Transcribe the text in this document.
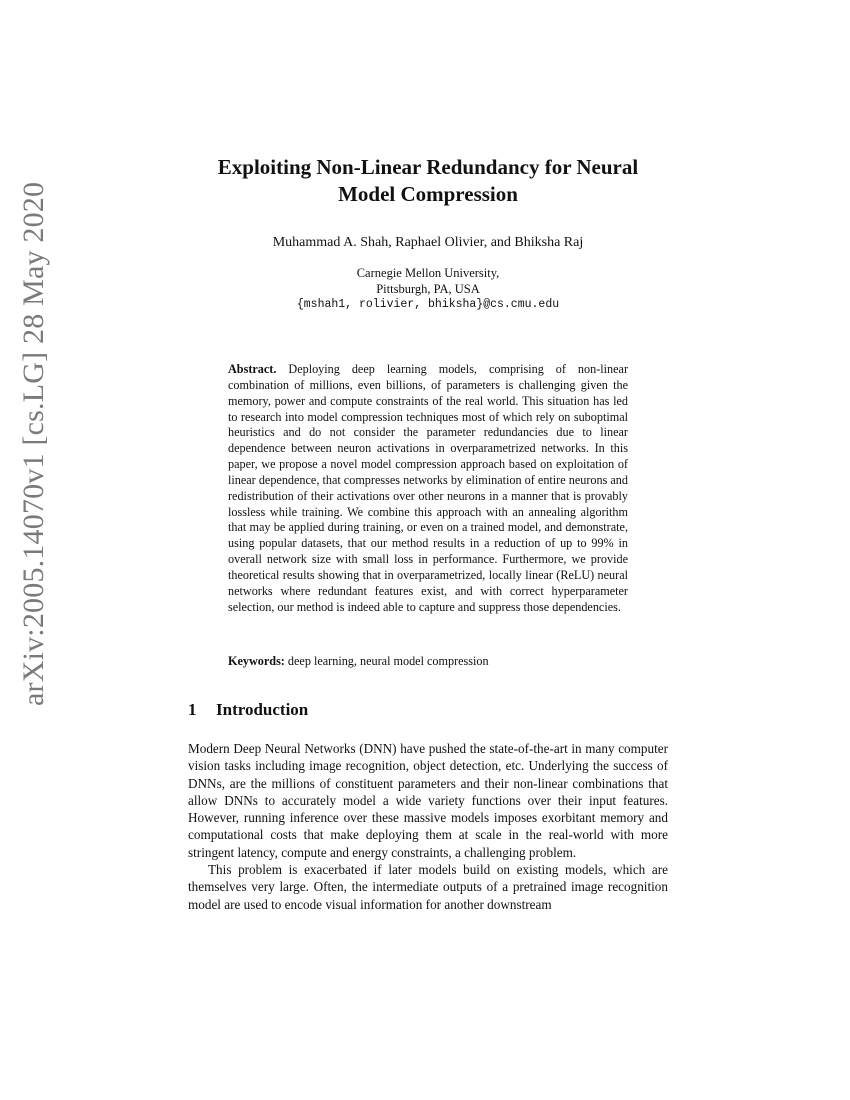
arXiv:2005.14070v1 [cs.LG] 28 May 2020
Exploiting Non-Linear Redundancy for Neural
Model Compression
Muhammad A. Shah, Raphael Olivier, and Bhiksha Raj
Carnegie Mellon University,
Pittsburgh, PA, USA
{mshah1, rolivier, bhiksha}@cs.cmu.edu
Abstract. Deploying deep learning models, comprising of non-linear combination of millions, even billions, of parameters is challenging given the memory, power and compute constraints of the real world. This situation has led to research into model compression techniques most of which rely on suboptimal heuristics and do not consider the parameter redundancies due to linear dependence between neuron activations in overparametrized networks. In this paper, we propose a novel model compression approach based on exploitation of linear dependence, that compresses networks by elimination of entire neurons and redistribution of their activations over other neurons in a manner that is provably lossless while training. We combine this approach with an annealing algorithm that may be applied during training, or even on a trained model, and demonstrate, using popular datasets, that our method results in a reduction of up to 99% in overall network size with small loss in performance. Furthermore, we provide theoretical results showing that in overparametrized, locally linear (ReLU) neural networks where redundant features exist, and with correct hyperparameter selection, our method is indeed able to capture and suppress those dependencies.
Keywords: deep learning, neural model compression
1 Introduction

Modern Deep Neural Networks (DNN) have pushed the state-of-the-art in many computer vision tasks including image recognition, object detection, etc. Underlying the success of DNNs, are the millions of constituent parameters and their non-linear combinations that allow DNNs to accurately model a wide variety functions over their input features. However, running inference over these massive models imposes exorbitant memory and computational costs that make deploying them at scale in the real-world with more stringent latency, compute and energy constraints, a challenging problem.

This problem is exacerbated if later models build on existing models, which are themselves very large. Often, the intermediate outputs of a pretrained image recognition model are used to encode visual information for another downstream
